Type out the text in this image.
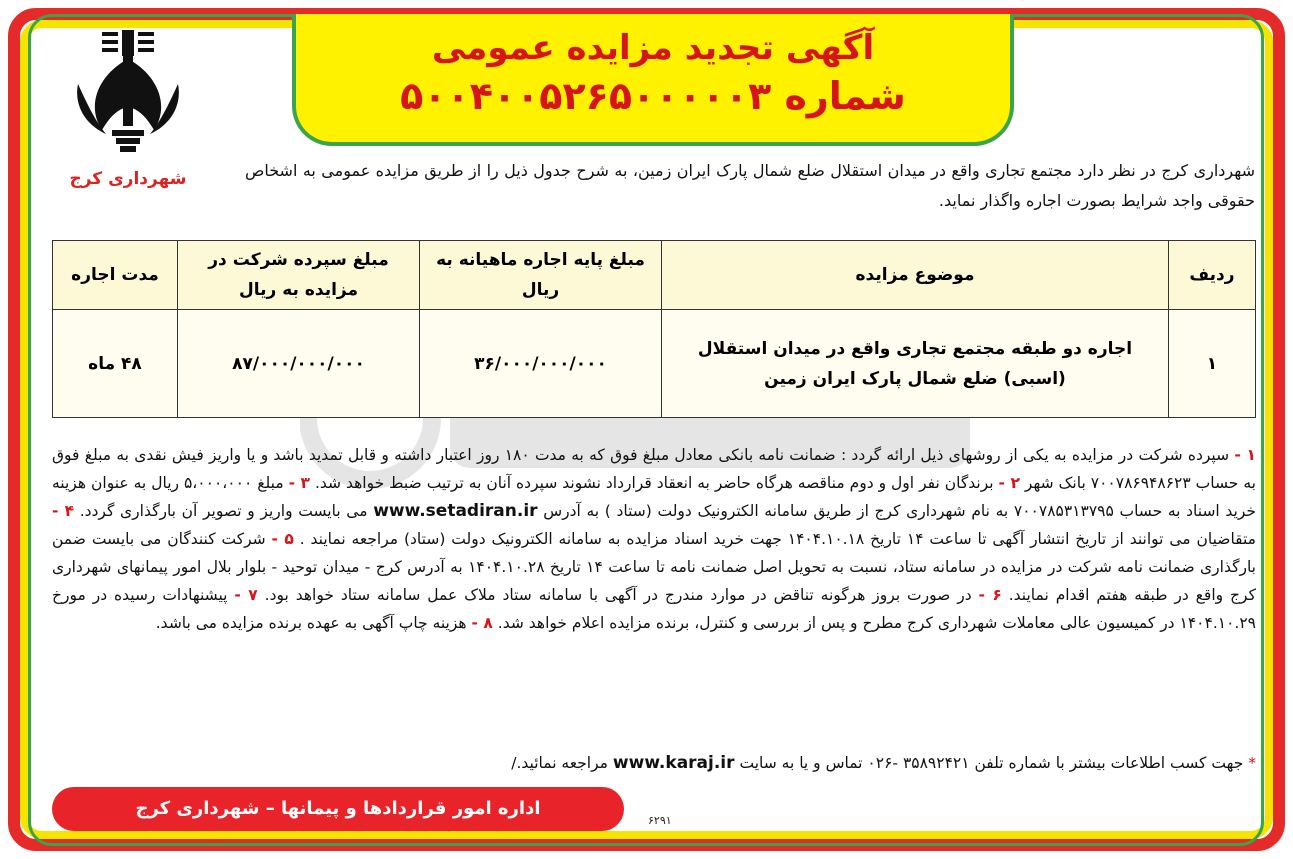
آگهی تجدید مزایده عمومی
شماره ۵۰۰۴۰۰۵۲۶۵۰۰۰۰۰۳
شهرداری کرج	شهرداری کرج در نظر دارد مجتمع تجاری واقع در میدان استقلال ضلع شمال پارک ایران زمین، به شرح جدول ذیل را از طریق مزایده عمومی به اشخاص حقوقی واجد شرایط بصورت اجاره واگذار نماید.
ردیف	موضوع مزایده	مبلغ پایه اجاره ماهیانه به ریال	مبلغ سپرده شرکت در مزایده به ریال	مدت اجاره
۱	اجاره دو طبقه مجتمع تجاری واقع در میدان استقلال (اسبی) ضلع شمال پارک ایران زمین	۳۶/۰۰۰/۰۰۰/۰۰۰	۸۷/۰۰۰/۰۰۰/۰۰۰	۴۸ ماه
۱ - سپرده شرکت در مزایده به یکی از روشهای ذیل ارائه گردد : ضمانت نامه بانکی معادل مبلغ فوق که به مدت ۱۸۰ روز اعتبار داشته و قابل تمدید باشد و یا واریز فیش نقدی به مبلغ فوق به حساب ۷۰۰۷۸۶۹۴۸۶۲۳ بانک شهر ۲ - برندگان نفر اول و دوم مناقصه هرگاه حاضر به انعقاد قرارداد نشوند سپرده آنان به ترتیب ضبط خواهد شد. ۳ - مبلغ ۵،۰۰۰،۰۰۰ ریال به عنوان هزینه خرید اسناد به حساب ۷۰۰۷۸۵۳۱۳۷۹۵ به نام شهرداری کرج از طریق سامانه الکترونیک دولت (ستاد ) به آدرس www.setadiran.ir می بایست واریز و تصویر آن بارگذاری گردد. ۴ - متقاضیان می توانند از تاریخ انتشار آگهی تا ساعت ۱۴ تاریخ ۱۴۰۴.۱۰.۱۸ جهت خرید اسناد مزایده به سامانه الکترونیک دولت (ستاد) مراجعه نمایند . ۵ - شرکت کنندگان می بایست ضمن بارگذاری ضمانت نامه شرکت در مزایده در سامانه ستاد، نسبت به تحویل اصل ضمانت نامه تا ساعت ۱۴ تاریخ ۱۴۰۴.۱۰.۲۸ به آدرس کرج - میدان توحید - بلوار بلال امور پیمانهای شهرداری کرج واقع در طبقه هفتم اقدام نمایند. ۶ - در صورت بروز هرگونه تناقض در موارد مندرج در آگهی با سامانه ستاد ملاک عمل سامانه ستاد خواهد بود. ۷ - پیشنهادات رسیده در مورخ ۱۴۰۴.۱۰.۲۹ در کمیسیون عالی معاملات شهرداری کرج مطرح و پس از بررسی و کنترل، برنده مزایده اعلام خواهد شد. ۸ - هزینه چاپ آگهی به عهده برنده مزایده می باشد.
* جهت کسب اطلاعات بیشتر با شماره تلفن ۳۵۸۹۲۴۲۱ -۰۲۶ تماس و یا به سایت www.karaj.ir مراجعه نمائید./
اداره امور قراردادها و پیمانها – شهرداری کرج
۶۲۹۱
